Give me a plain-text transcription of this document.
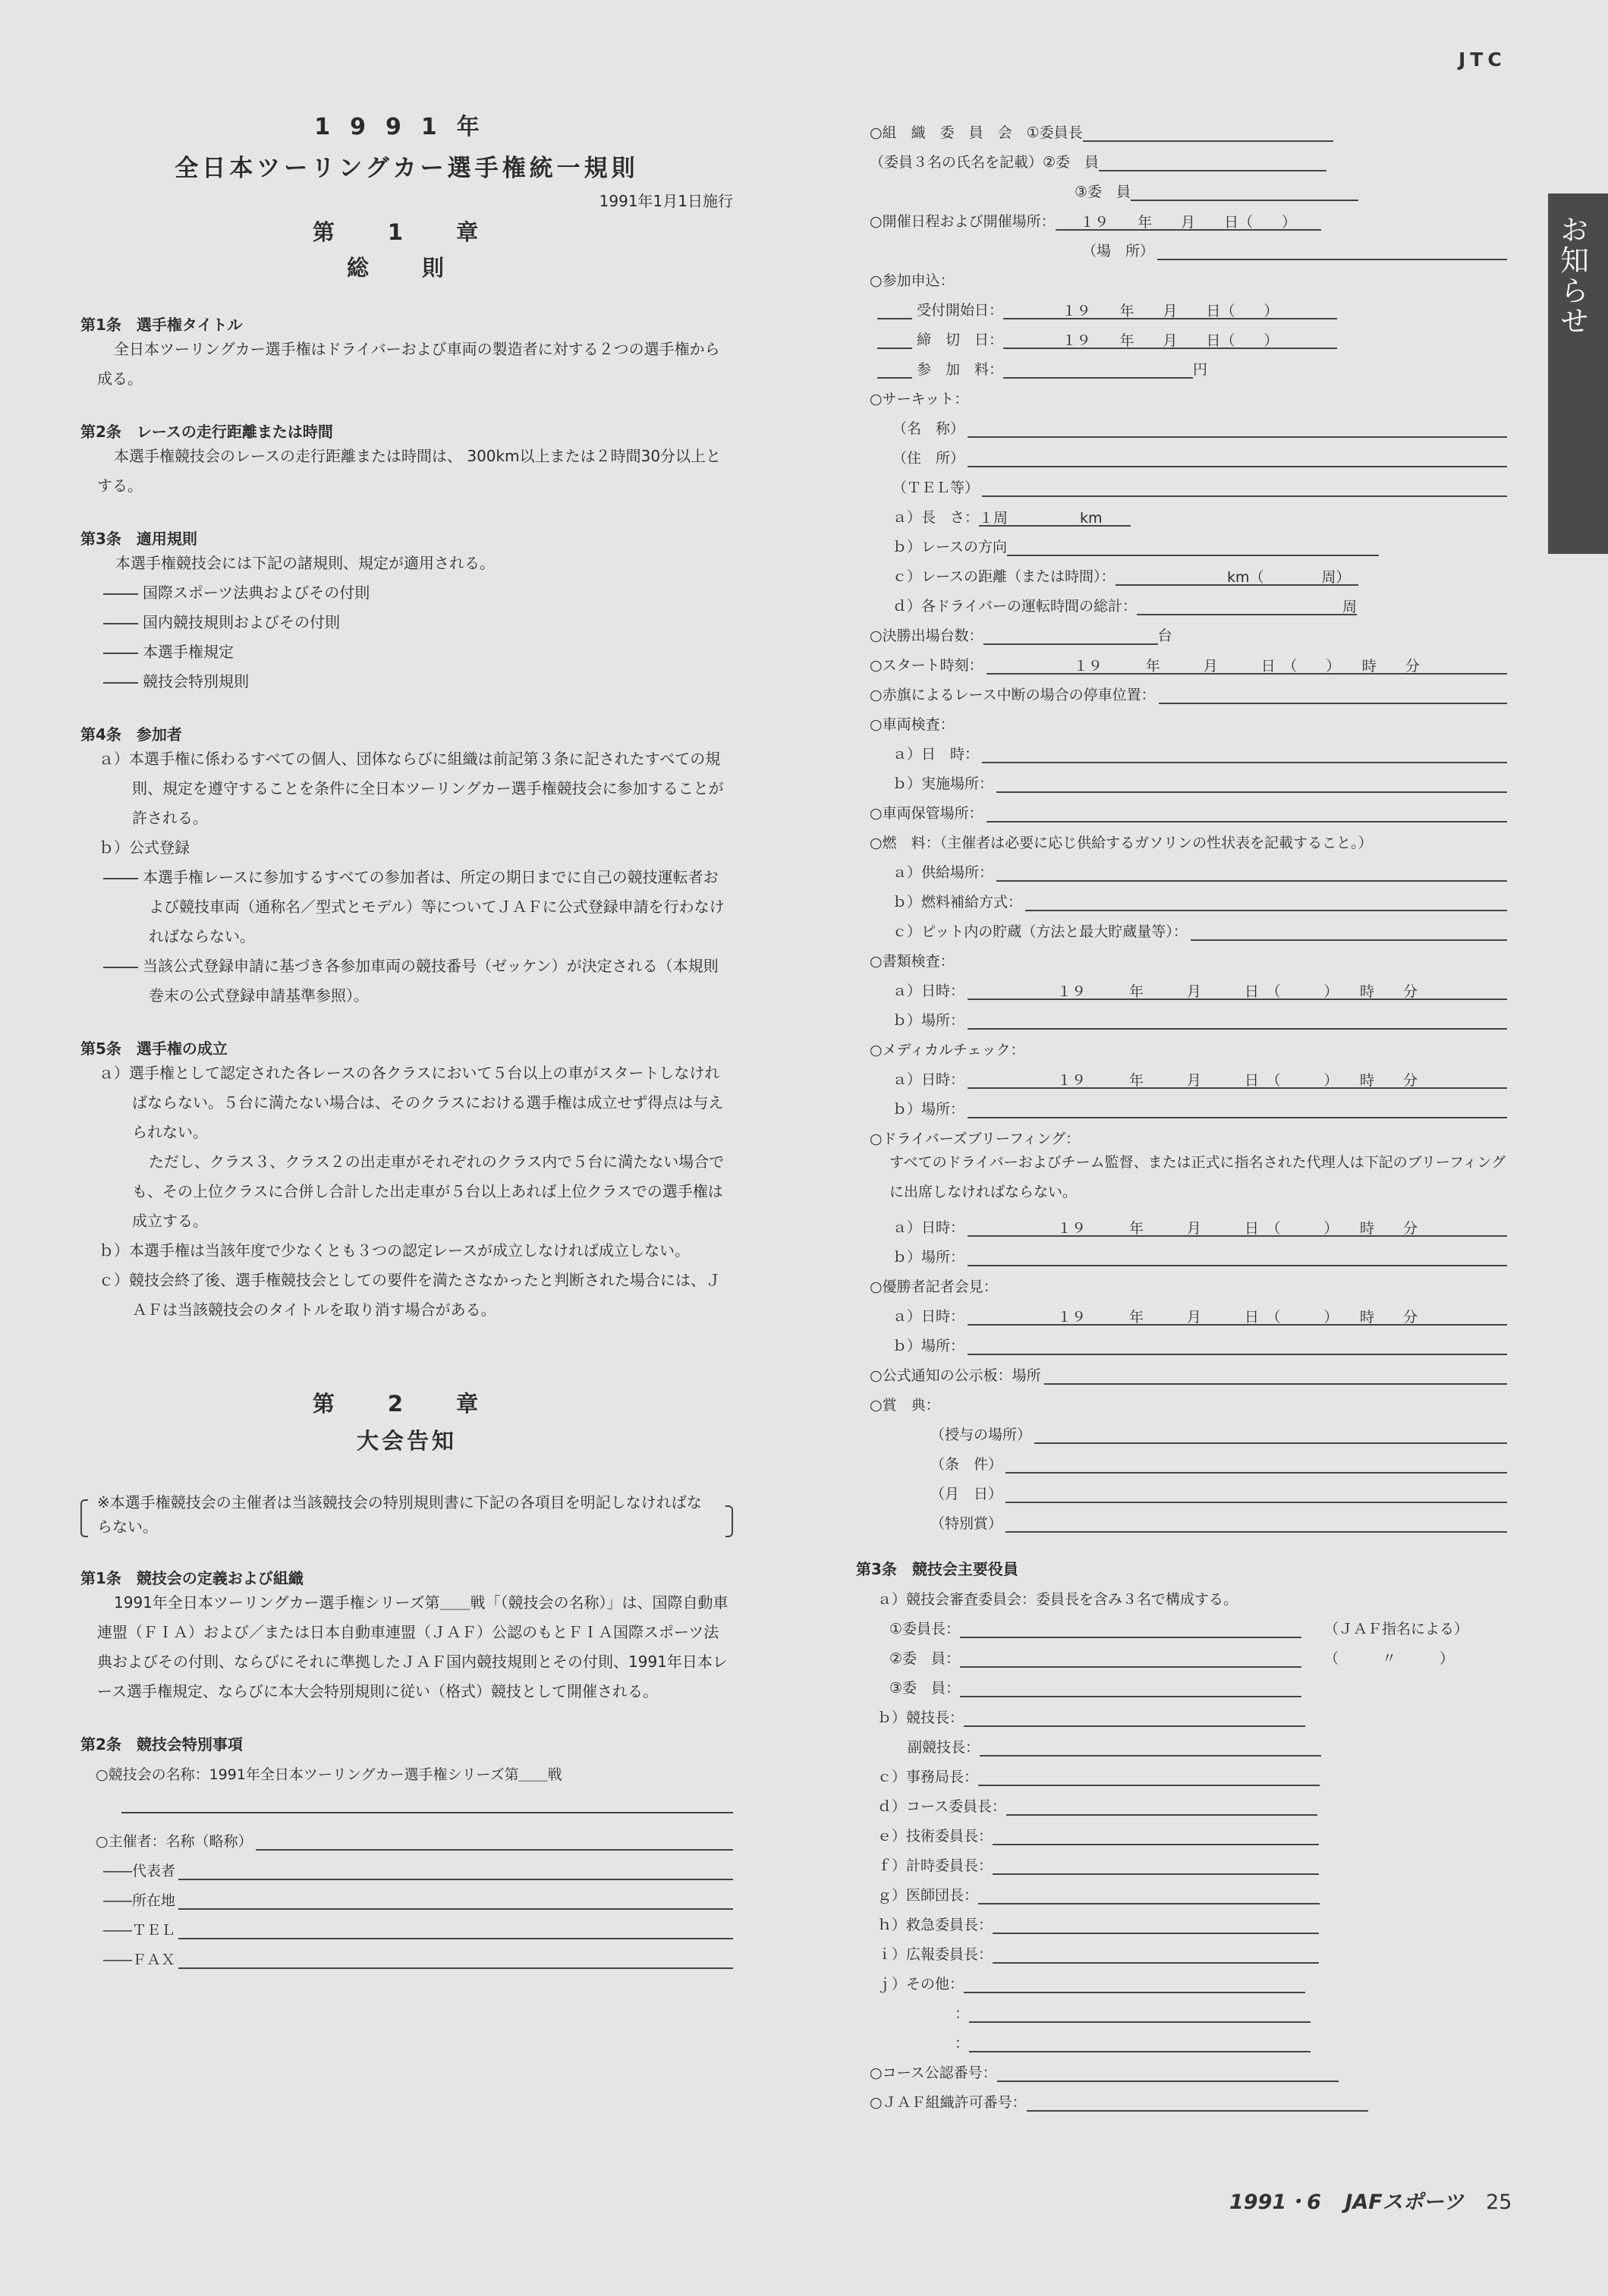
JTC
お知らせ

1991年

全日本ツーリングカー選手権統一規則

1991年1月1日施行

第 1 章

総 則

第1条　選手権タイトル

全日本ツーリングカー選手権はドライバーおよび車両の製造者に対する２つの選手権から成る。

第2条　レースの走行距離または時間

本選手権競技会のレースの走行距離または時間は、 300km以上または２時間30分以上とする。

第3条　適用規則

本選手権競技会には下記の諸規則、規定が適用される。

国際スポーツ法典およびその付則

国内競技規則およびその付則

本選手権規定

競技会特別規則

第4条　参加者

ａ）本選手権に係わるすべての個人、団体ならびに組織は前記第３条に記されたすべての規則、規定を遵守することを条件に全日本ツーリングカー選手権競技会に参加することが許される。

ｂ）公式登録

本選手権レースに参加するすべての参加者は、所定の期日までに自己の競技運転者および競技車両（通称名／型式とモデル）等についてＪＡＦに公式登録申請を行わなければならない。

当該公式登録申請に基づき各参加車両の競技番号（ゼッケン）が決定される（本規則巻末の公式登録申請基準参照）。

第5条　選手権の成立

ａ）選手権として認定された各レースの各クラスにおいて５台以上の車がスタートしなければならない。５台に満たない場合は、そのクラスにおける選手権は成立せず得点は与えられない。

ただし、クラス３、クラス２の出走車がそれぞれのクラス内で５台に満たない場合でも、その上位クラスに合併し合計した出走車が５台以上あれば上位クラスでの選手権は成立する。

ｂ）本選手権は当該年度で少なくとも３つの認定レースが成立しなければ成立しない。

ｃ）競技会終了後、選手権競技会としての要件を満たさなかったと判断された場合には、ＪＡＦは当該競技会のタイトルを取り消す場合がある。

第 2 章

大会告知

※本選手権競技会の主催者は当該競技会の特別規則書に下記の各項目を明記しなければならない。

第1条　競技会の定義および組織

1991年全日本ツーリングカー選手権シリーズ第＿＿戦「（競技会の名称）」は、国際自動車連盟（ＦＩＡ）および／または日本自動車連盟（ＪＡＦ）公認のもとＦＩＡ国際スポーツ法典およびその付則、ならびにそれに準拠したＪＡＦ国内競技規則とその付則、1991年日本レース選手権規定、ならびに本大会特別規則に従い（格式）競技として開催される。

第2条　競技会特別事項

○競技会の名称：1991年全日本ツーリングカー選手権シリーズ第＿＿戦
○主催者：名称（略称）
――代表者
――所在地
――ＴＥＬ
――ＦＡＸ
○組　織　委　員　会　①委員長
（委員３名の氏名を記載）②委　員
③委　員
○開催日程および開催場所：	１９　　年　　月　　日（　　）
（場　所）
○参加申込：
受付開始日：	１９　　年　　月　　日（　　）
締　切　日：	１９　　年　　月　　日（　　）
参　加　料：	円
○サーキット：
（名　称）
（住　所）
（ＴＥＬ等）
ａ）長　さ： １周　　　　　km
ｂ）レースの方向
ｃ）レースの距離（または時間）：	km（　　　　周）
ｄ）各ドライバーの運転時間の総計：	周
○決勝出場台数：	台
○スタート時刻：	１９　　　年　　　月　　　日　（　　）　　時　　分
○赤旗によるレース中断の場合の停車位置：
○車両検査：
ａ）日　時：
ｂ）実施場所：
○車両保管場所：
○燃　料：（主催者は必要に応じ供給するガソリンの性状表を記載すること。）
ａ）供給場所：
ｂ）燃料補給方式：
ｃ）ピット内の貯蔵（方法と最大貯蔵量等）：
○書類検査：
ａ）日時：	１９　　　年　　　月　　　日　（　　　）　　時　　分
ｂ）場所：
○メディカルチェック：
ａ）日時：	１９　　　年　　　月　　　日　（　　　）　　時　　分
ｂ）場所：
○ドライバーズブリーフィング：

すべてのドライバーおよびチーム監督、または正式に指名された代理人は下記のブリーフィングに出席しなければならない。

ａ）日時：	１９　　　年　　　月　　　日　（　　　）　　時　　分
ｂ）場所：
○優勝者記者会見：
ａ）日時：	１９　　　年　　　月　　　日　（　　　）　　時　　分
ｂ）場所：
○公式通知の公示板：場所
○賞　典：
（授与の場所）
（条　件）
（月　日）
（特別賞）

第3条　競技会主要役員

ａ）競技会審査委員会：委員長を含み３名で構成する。
①委員長：	（ＪＡＦ指名による）
②委　員：	（　　　〃　　　）
③委　員：
ｂ）競技長：
副競技長：
ｃ）事務局長：
ｄ）コース委員長：
ｅ）技術委員長：
ｆ）計時委員長：
ｇ）医師団長：
ｈ）救急委員長：
ｉ）広報委員長：
ｊ）その他：
：
：
○コース公認番号：
○ＪＡＦ組織許可番号：
1991・6 JAFスポーツ 25
